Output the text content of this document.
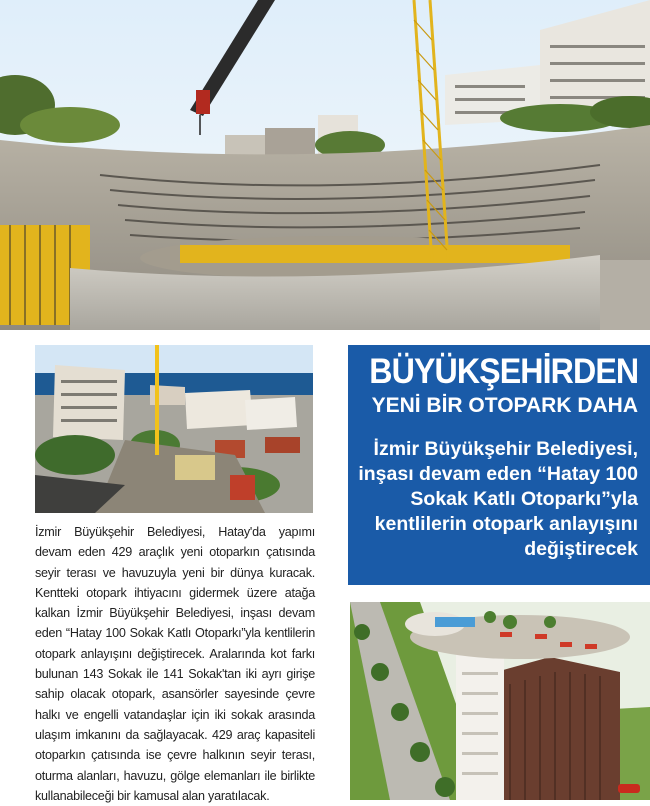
BÜYÜKŞEHİRDEN
YENİ BİR OTOPARK DAHA
İzmir Büyükşehir Belediyesi, inşası devam eden “Hatay 100 Sokak Katlı Otoparkı”yla kentlilerin otopark anlayışını değiştirecek

İzmir Büyükşehir Belediyesi, Hatay'da yapımı devam eden 429 araçlık yeni otoparkın çatısında seyir terası ve havuzuyla yeni bir dünya kuracak. Kentteki otopark ihtiyacını gidermek üzere atağa kalkan İzmir Büyükşehir Belediyesi, inşası devam eden “Hatay 100 Sokak Katlı Otoparkı”yla kentlilerin otopark anlayışını değiştirecek. Aralarında kot farkı bulunan 143 Sokak ile 141 Sokak'tan iki ayrı girişe sahip olacak otopark, asansörler sayesinde çevre halkı ve engelli vatandaşlar için iki sokak arasında ulaşım imkanını da sağlayacak. 429 araç kapasiteli otoparkın çatısında ise çevre halkının seyir terası, oturma alanları, havuzu, gölge elemanları ile birlikte kullanabileceği bir kamusal alan yaratılacak.
